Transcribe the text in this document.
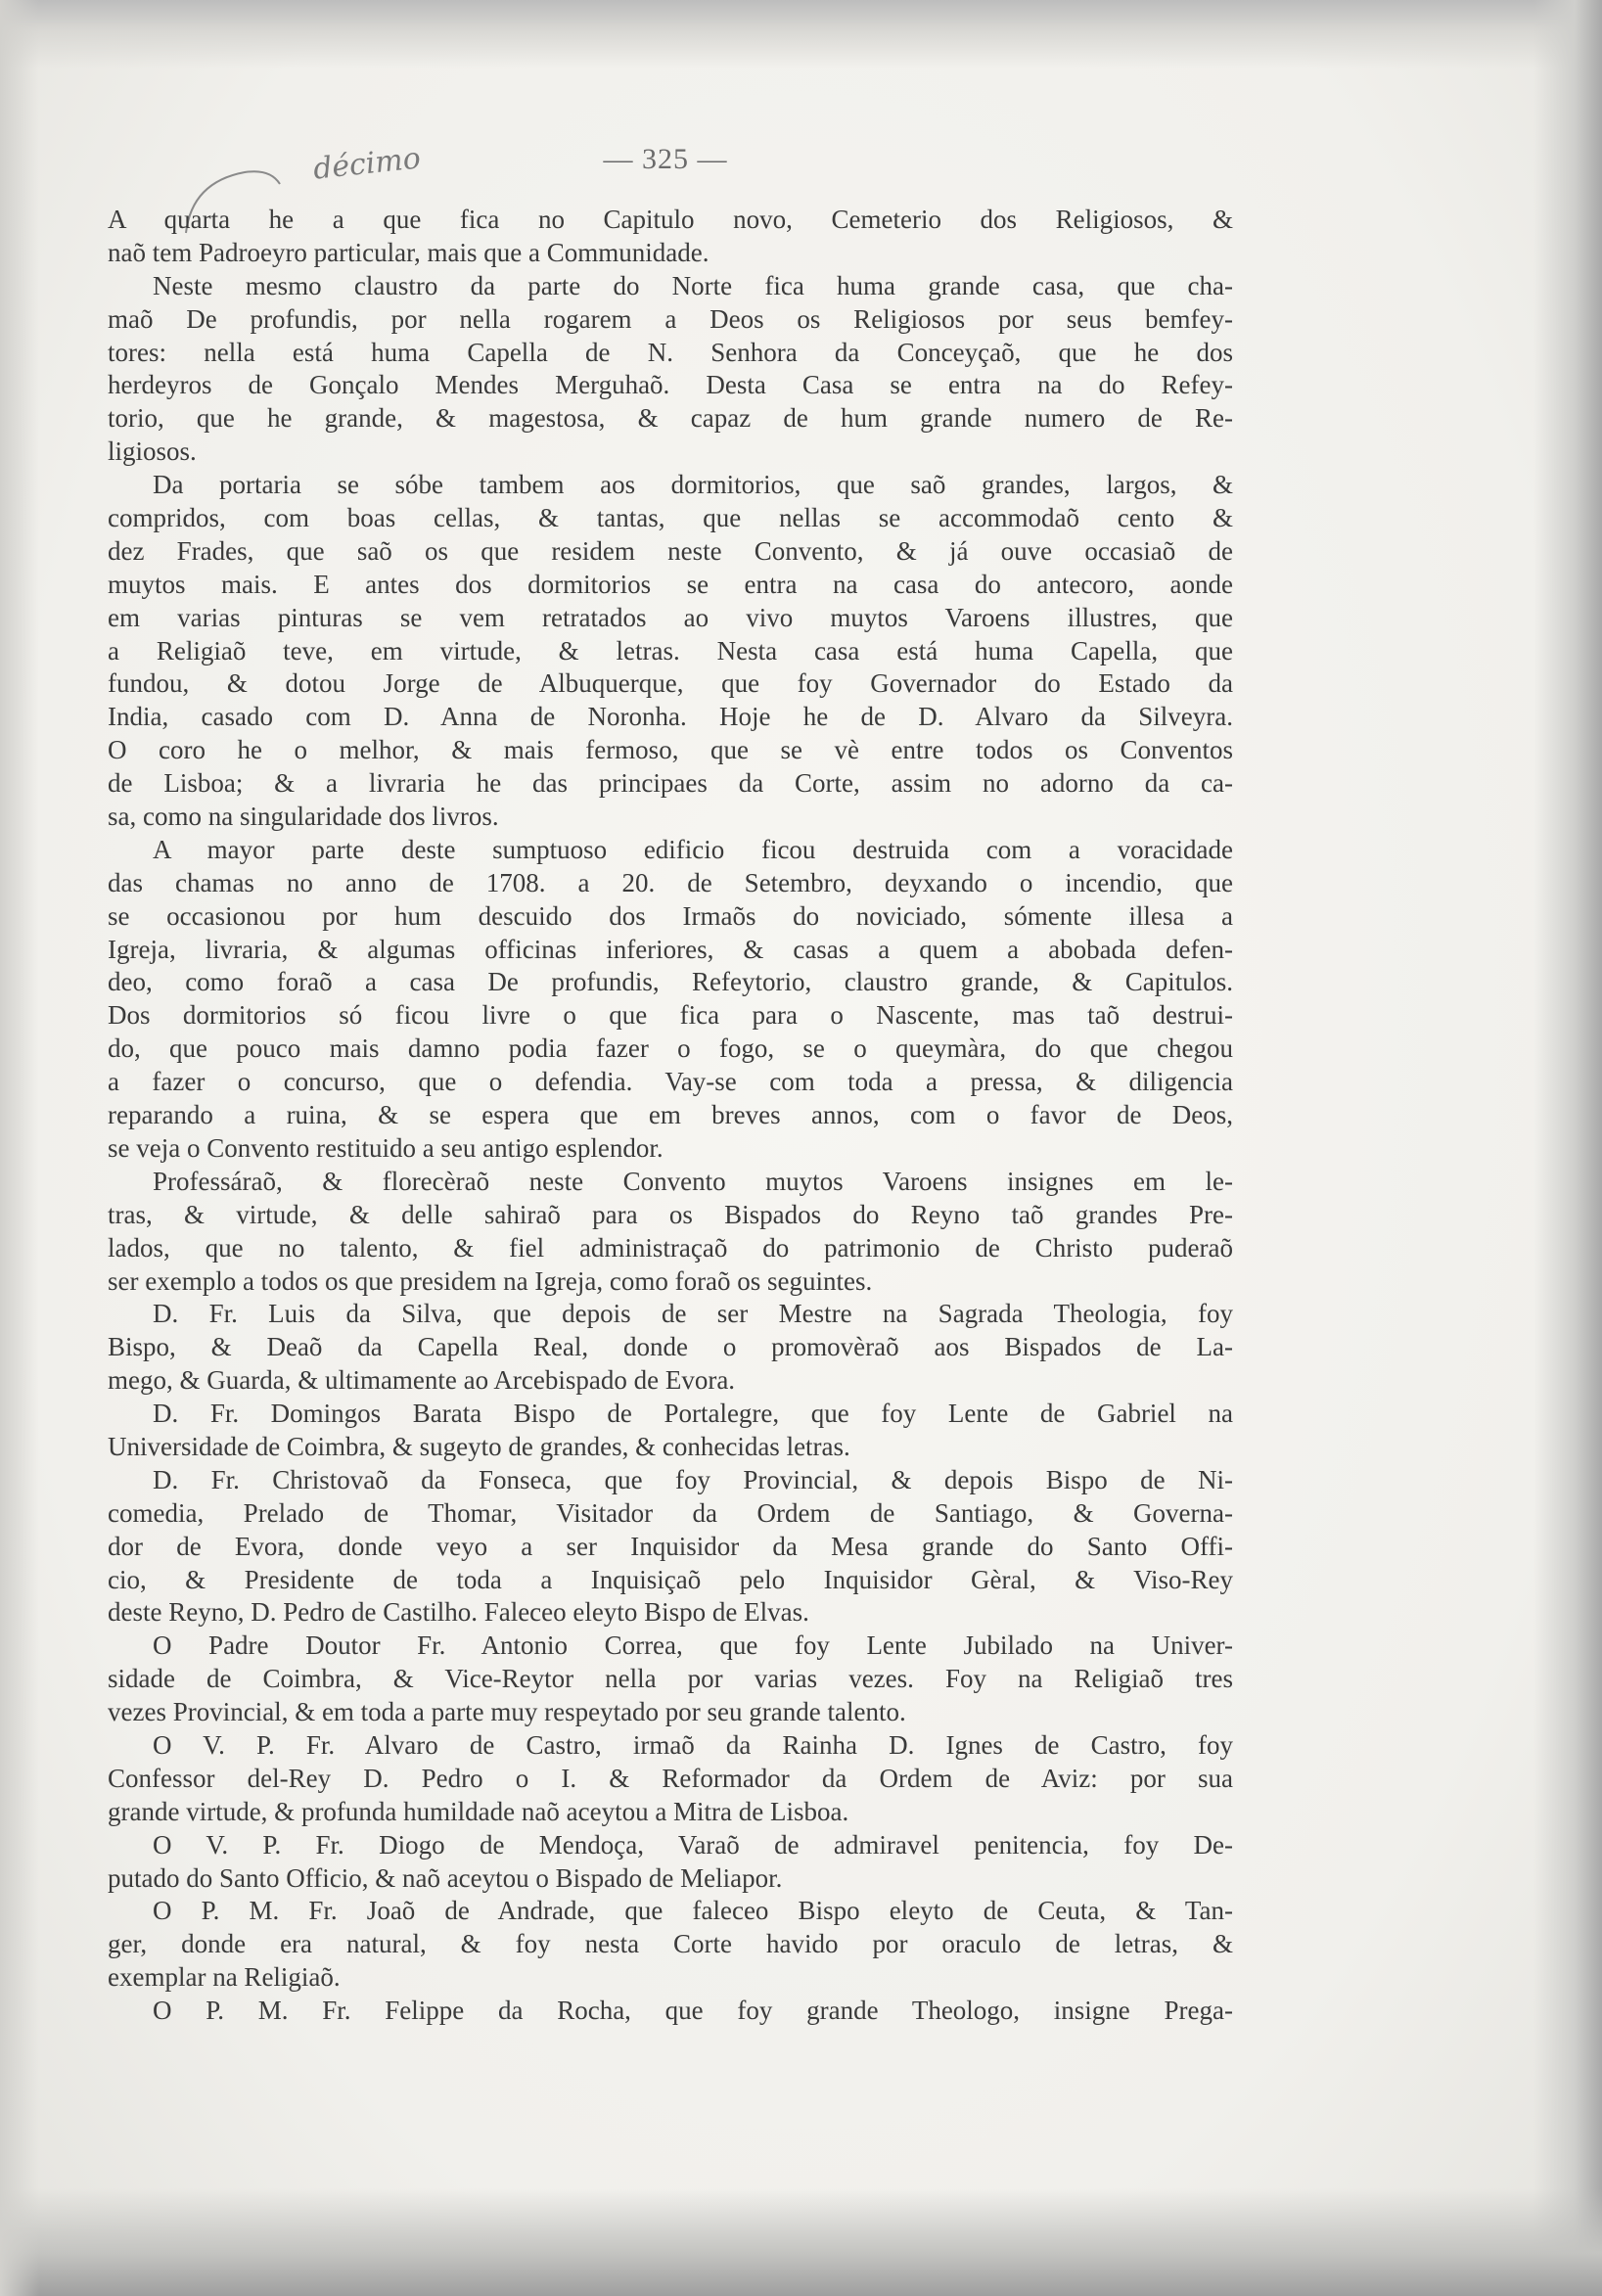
— 325 —
décimo
A quarta he a que fica no Capitulo novo, Cemeterio dos Religiosos, &
naõ tem Padroeyro particular, mais que a Communidade.
Neste mesmo claustro da parte do Norte fica huma grande casa, que cha-
maõ De profundis, por nella rogarem a Deos os Religiosos por seus bemfey-
tores: nella está huma Capella de N. Senhora da Conceyçaõ, que he dos
herdeyros de Gonçalo Mendes Merguhaõ. Desta Casa se entra na do Refey-
torio, que he grande, & magestosa, & capaz de hum grande numero de Re-
ligiosos.
Da portaria se sóbe tambem aos dormitorios, que saõ grandes, largos, &
compridos, com boas cellas, & tantas, que nellas se accommodaõ cento &
dez Frades, que saõ os que residem neste Convento, & já ouve occasiaõ de
muytos mais. E antes dos dormitorios se entra na casa do antecoro, aonde
em varias pinturas se vem retratados ao vivo muytos Varoens illustres, que
a Religiaõ teve, em virtude, & letras. Nesta casa está huma Capella, que
fundou, & dotou Jorge de Albuquerque, que foy Governador do Estado da
India, casado com D. Anna de Noronha. Hoje he de D. Alvaro da Silveyra.
O coro he o melhor, & mais fermoso, que se vè entre todos os Conventos
de Lisboa; & a livraria he das principaes da Corte, assim no adorno da ca-
sa, como na singularidade dos livros.
A mayor parte deste sumptuoso edificio ficou destruida com a voracidade
das chamas no anno de 1708. a 20. de Setembro, deyxando o incendio, que
se occasionou por hum descuido dos Irmaõs do noviciado, sómente illesa a
Igreja, livraria, & algumas officinas inferiores, & casas a quem a abobada defen-
deo, como foraõ a casa De profundis, Refeytorio, claustro grande, & Capitulos.
Dos dormitorios só ficou livre o que fica para o Nascente, mas taõ destrui-
do, que pouco mais damno podia fazer o fogo, se o queymàra, do que chegou
a fazer o concurso, que o defendia. Vay-se com toda a pressa, & diligencia
reparando a ruina, & se espera que em breves annos, com o favor de Deos,
se veja o Convento restituido a seu antigo esplendor.
Professáraõ, & florecèraõ neste Convento muytos Varoens insignes em le-
tras, & virtude, & delle sahiraõ para os Bispados do Reyno taõ grandes Pre-
lados, que no talento, & fiel administraçaõ do patrimonio de Christo puderaõ
ser exemplo a todos os que presidem na Igreja, como foraõ os seguintes.
D. Fr. Luis da Silva, que depois de ser Mestre na Sagrada Theologia, foy
Bispo, & Deaõ da Capella Real, donde o promovèraõ aos Bispados de La-
mego, & Guarda, & ultimamente ao Arcebispado de Evora.
D. Fr. Domingos Barata Bispo de Portalegre, que foy Lente de Gabriel na
Universidade de Coimbra, & sugeyto de grandes, & conhecidas letras.
D. Fr. Christovaõ da Fonseca, que foy Provincial, & depois Bispo de Ni-
comedia, Prelado de Thomar, Visitador da Ordem de Santiago, & Governa-
dor de Evora, donde veyo a ser Inquisidor da Mesa grande do Santo Offi-
cio, & Presidente de toda a Inquisiçaõ pelo Inquisidor Gèral, & Viso-Rey
deste Reyno, D. Pedro de Castilho. Faleceo eleyto Bispo de Elvas.
O Padre Doutor Fr. Antonio Correa, que foy Lente Jubilado na Univer-
sidade de Coimbra, & Vice-Reytor nella por varias vezes. Foy na Religiaõ tres
vezes Provincial, & em toda a parte muy respeytado por seu grande talento.
O V. P. Fr. Alvaro de Castro, irmaõ da Rainha D. Ignes de Castro, foy
Confessor del-Rey D. Pedro o I. & Reformador da Ordem de Aviz: por sua
grande virtude, & profunda humildade naõ aceytou a Mitra de Lisboa.
O V. P. Fr. Diogo de Mendoça, Varaõ de admiravel penitencia, foy De-
putado do Santo Officio, & naõ aceytou o Bispado de Meliapor.
O P. M. Fr. Joaõ de Andrade, que faleceo Bispo eleyto de Ceuta, & Tan-
ger, donde era natural, & foy nesta Corte havido por oraculo de letras, &
exemplar na Religiaõ.
O P. M. Fr. Felippe da Rocha, que foy grande Theologo, insigne Prega-
